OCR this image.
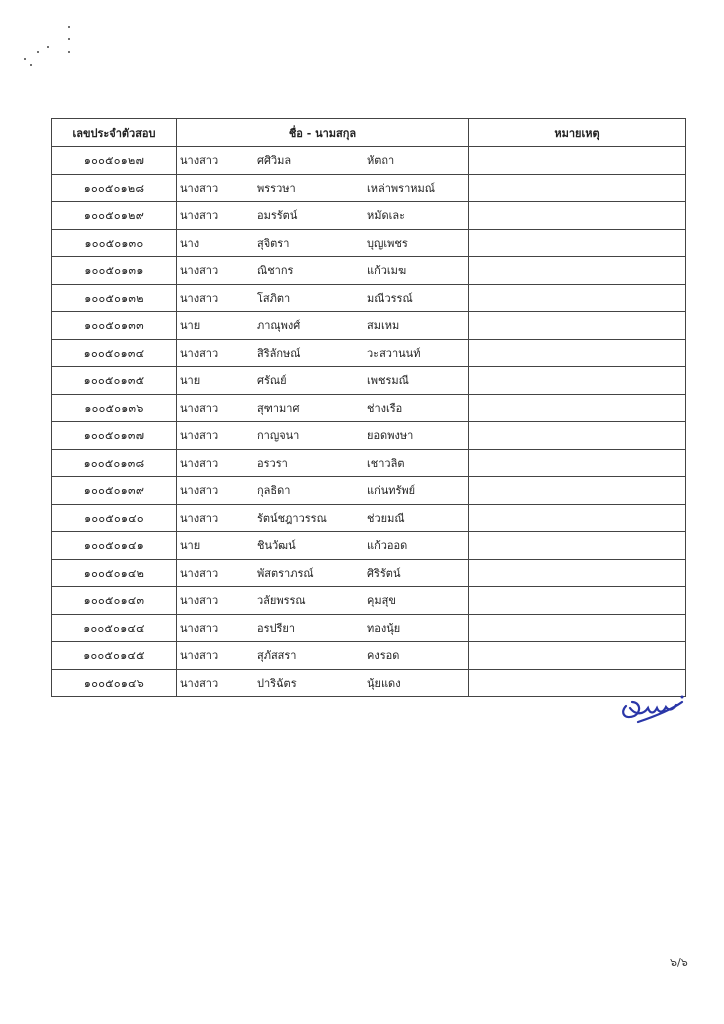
เลขประจำตัวสอบ	ชื่อ - นามสกุล	หมายเหตุ
๑๐๐๕๐๑๒๗	นางสาว ศศิวิมล หัตถา	

๑๐๐๕๐๑๒๘	นางสาว พรรวษา เหล่าพราหมณ์	

๑๐๐๕๐๑๒๙	นางสาว อมรรัตน์ หมัดเละ	

๑๐๐๕๐๑๓๐	นาง สุจิตรา บุญเพชร	

๑๐๐๕๐๑๓๑	นางสาว ณิชากร แก้วเมฆ	

๑๐๐๕๐๑๓๒	นางสาว โสภิตา มณีวรรณ์	

๑๐๐๕๐๑๓๓	นาย ภาณุพงศ์ สมเหม	

๑๐๐๕๐๑๓๔	นางสาว สิริลักษณ์ วะสวานนท์	

๑๐๐๕๐๑๓๕	นาย ศรัณย์ เพชรมณี	

๑๐๐๕๐๑๓๖	นางสาว สุฑามาศ ช่างเรือ	

๑๐๐๕๐๑๓๗	นางสาว กาญจนา ยอดพงษา	

๑๐๐๕๐๑๓๘	นางสาว อรวรา เชาวลิต	

๑๐๐๕๐๑๓๙	นางสาว กุลธิดา แก่นทรัพย์	

๑๐๐๕๐๑๔๐	นางสาว รัตน์ชฎาวรรณ ช่วยมณี	

๑๐๐๕๐๑๔๑	นาย ชินวัฒน์ แก้วออด	

๑๐๐๕๐๑๔๒	นางสาว พัสตราภรณ์ ศิริรัตน์	

๑๐๐๕๐๑๔๓	นางสาว วลัยพรรณ คุมสุข	

๑๐๐๕๐๑๔๔	นางสาว อรปรียา ทองนุ้ย	

๑๐๐๕๐๑๔๕	นางสาว สุภัสสรา คงรอด	

๑๐๐๕๐๑๔๖	นางสาว ปาริฉัตร นุ้ยแดง	

๖/๖
